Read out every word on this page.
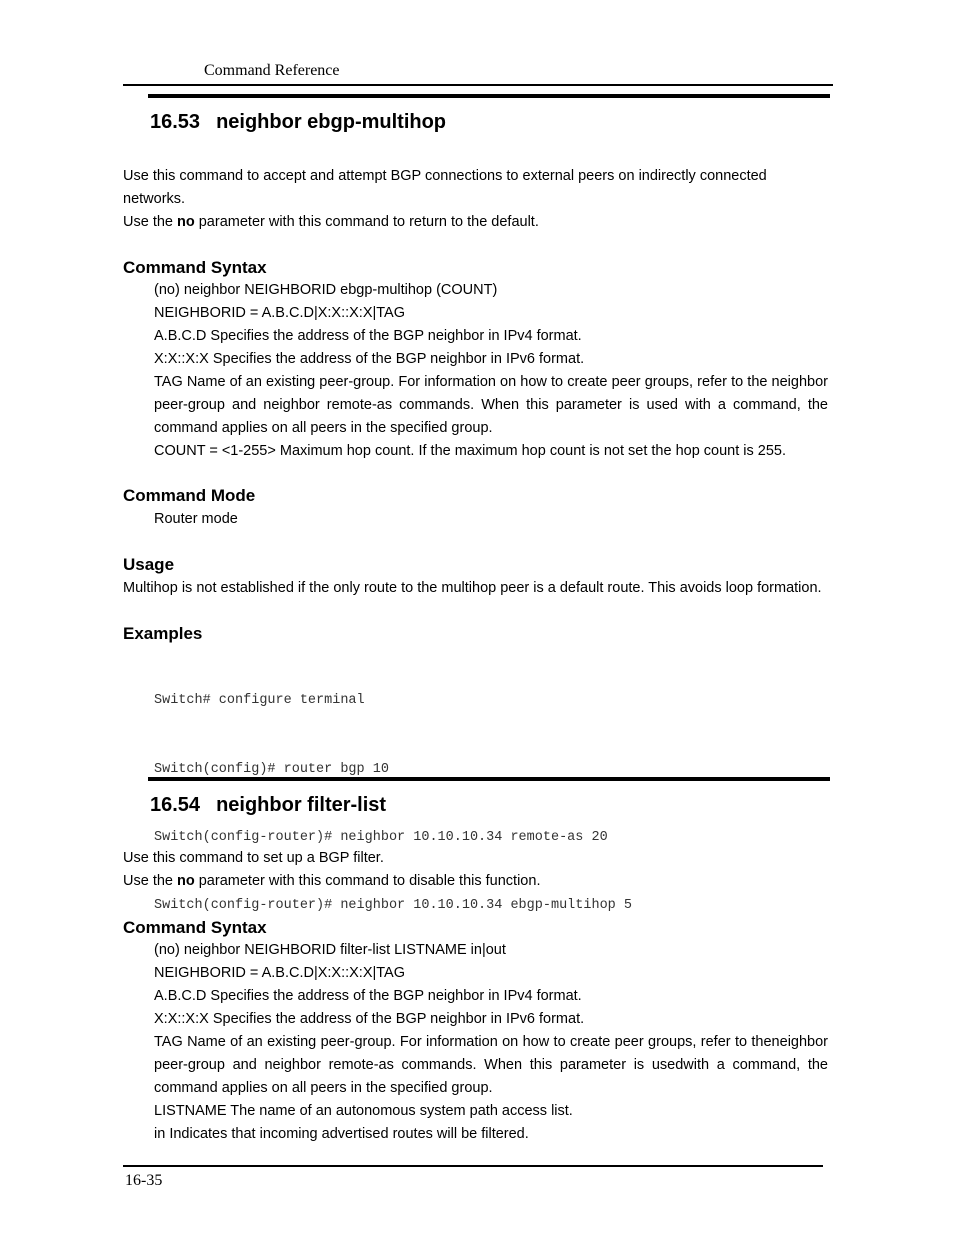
Command Reference
16.53 neighbor ebgp-multihop
Use this command to accept and attempt BGP connections to external peers on indirectly connected
networks.
Use the no parameter with this command to return to the default.
Command Syntax
(no) neighbor NEIGHBORID ebgp-multihop (COUNT)
NEIGHBORID = A.B.C.D|X:X::X:X|TAG
A.B.C.D Specifies the address of the BGP neighbor in IPv4 format.
X:X::X:X Specifies the address of the BGP neighbor in IPv6 format.
TAG Name of an existing peer-group. For information on how to create peer groups, refer to the neighbor peer-group and neighbor remote-as commands. When this parameter is used with a command, the command applies on all peers in the specified group.
COUNT = <1-255> Maximum hop count. If the maximum hop count is not set the hop count is 255.
Command Mode
Router mode
Usage
Multihop is not established if the only route to the multihop peer is a default route. This avoids loop formation.
Examples

Switch# configure terminal

Switch(config)# router bgp 10

Switch(config-router)# neighbor 10.10.10.34 remote-as 20

Switch(config-router)# neighbor 10.10.10.34 ebgp-multihop 5

16.54 neighbor filter-list
Use this command to set up a BGP filter.
Use the no parameter with this command to disable this function.
Command Syntax
(no) neighbor NEIGHBORID filter-list LISTNAME in|out
NEIGHBORID = A.B.C.D|X:X::X:X|TAG
A.B.C.D Specifies the address of the BGP neighbor in IPv4 format.
X:X::X:X Specifies the address of the BGP neighbor in IPv6 format.
TAG Name of an existing peer-group. For information on how to create peer groups, refer to theneighbor peer-group and neighbor remote-as commands. When this parameter is usedwith a command, the command applies on all peers in the specified group.
LISTNAME The name of an autonomous system path access list.
in Indicates that incoming advertised routes will be filtered.
16-35
